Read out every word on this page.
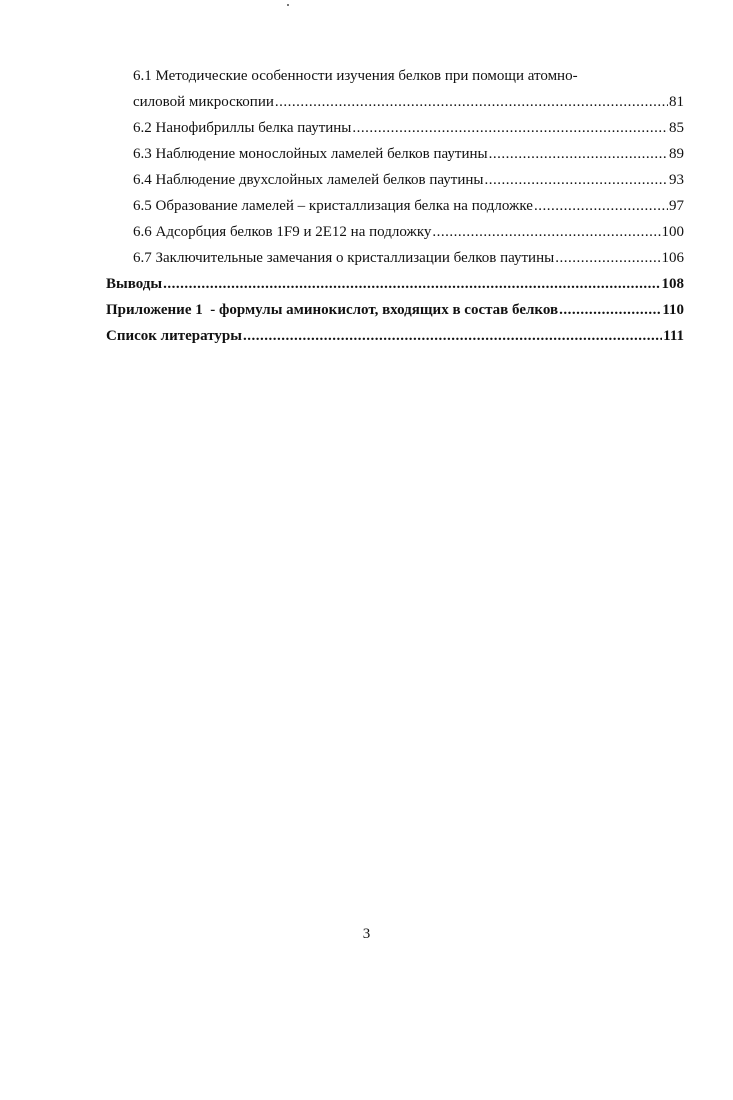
6.1 Методические особенности изучения белков при помощи атомно-
силовой микроскопии .....	81
6.2 Нанофибриллы белка паутины .....	85
6.3 Наблюдение монослойных ламелей белков паутины .....	89
6.4 Наблюдение двухслойных ламелей белков паутины .....	93
6.5 Образование ламелей – кристаллизация белка на подложке .....	97
6.6 Адсорбция белков 1F9 и 2E12 на подложку .....	100
6.7 Заключительные замечания о кристаллизации белков паутины .....	106
Выводы .....	108
Приложение 1  - формулы аминокислот, входящих в состав белков .....	110
Список литературы .....	111
3
